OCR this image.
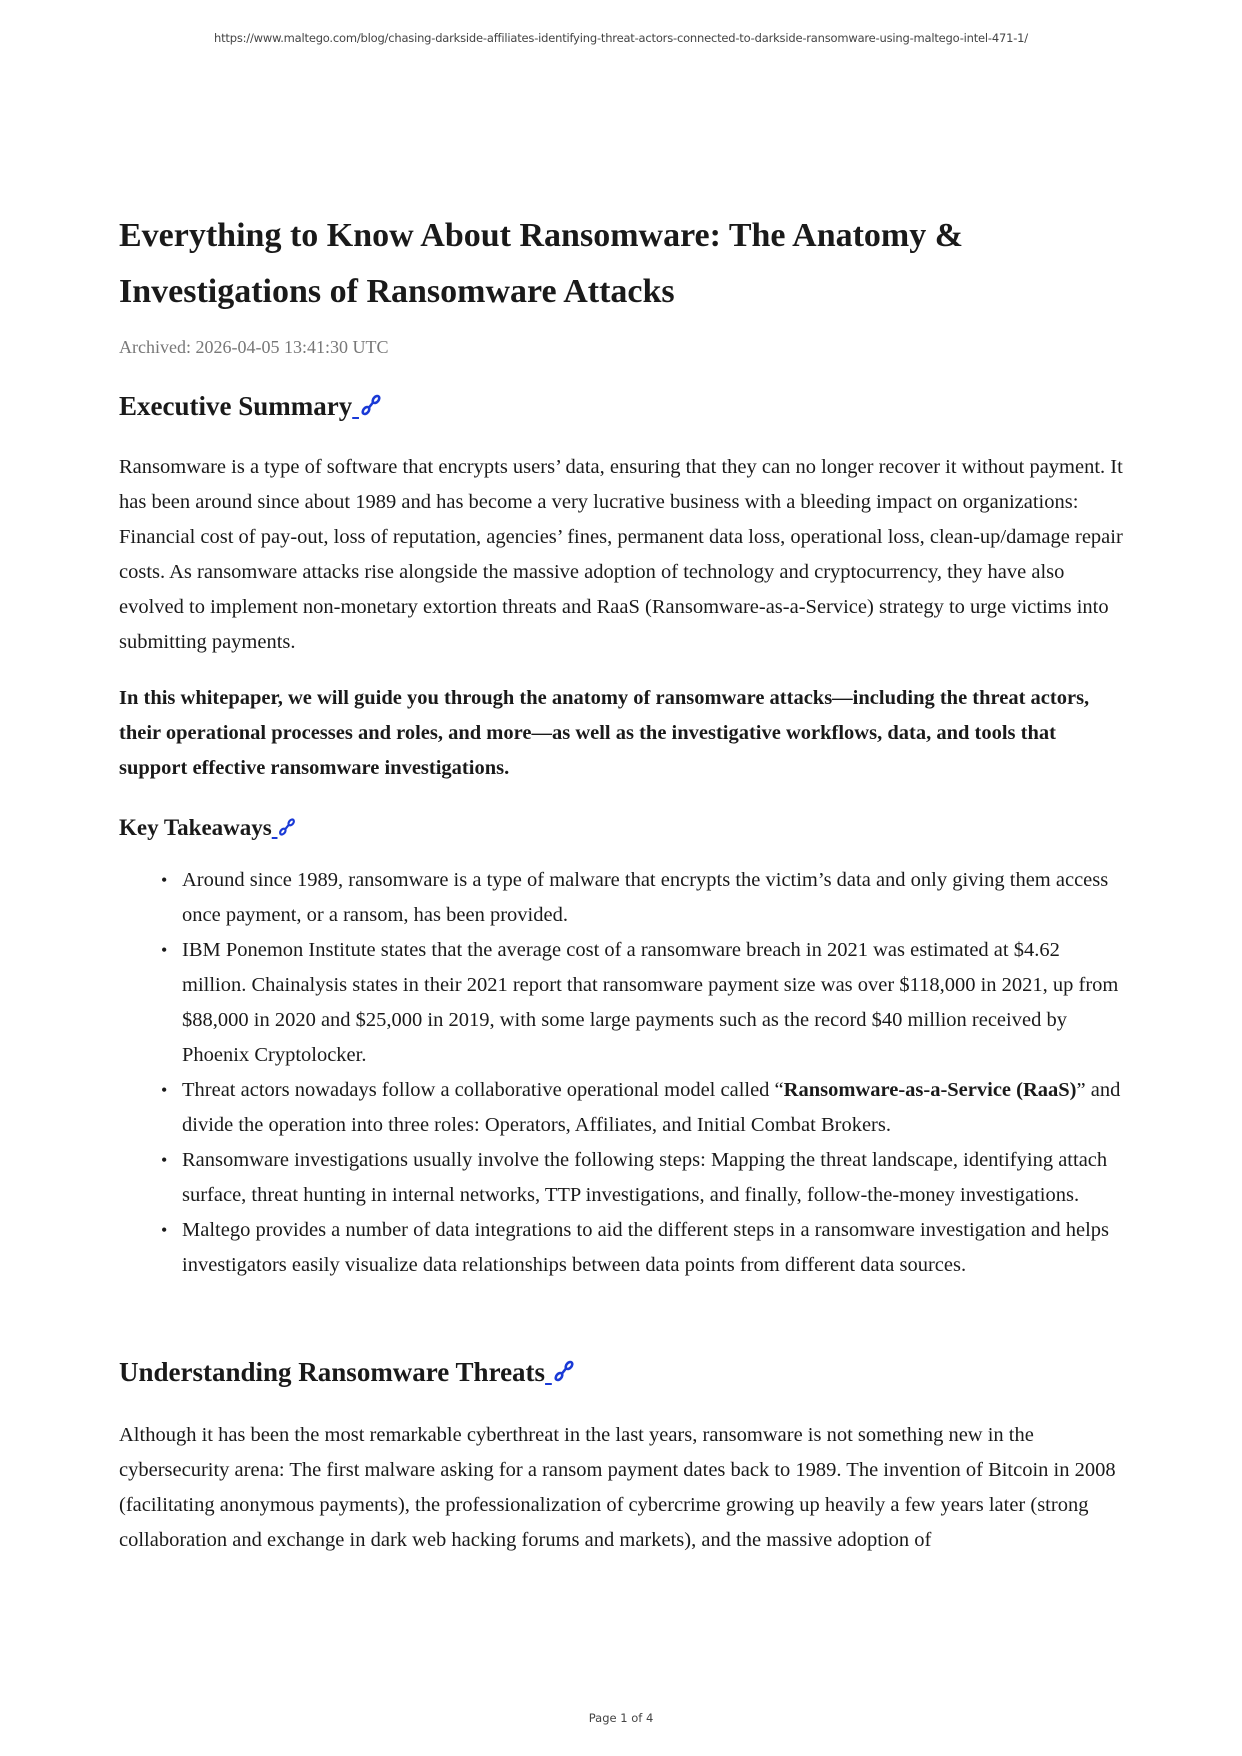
https://www.maltego.com/blog/chasing-darkside-affiliates-identifying-threat-actors-connected-to-darkside-ransomware-using-maltego-intel-471-1/
Everything to Know About Ransomware: The Anatomy & Investigations of Ransomware Attacks
Archived: 2026-04-05 13:41:30 UTC
Executive Summary

Ransomware is a type of software that encrypts users’ data, ensuring that they can no longer recover it without payment. It has been around since about 1989 and has become a very lucrative business with a bleeding impact on organizations: Financial cost of pay-out, loss of reputation, agencies’ fines, permanent data loss, operational loss, clean-up/damage repair costs. As ransomware attacks rise alongside the massive adoption of technology and cryptocurrency, they have also evolved to implement non-monetary extortion threats and RaaS (Ransomware-as-a-Service) strategy to urge victims into submitting payments.

In this whitepaper, we will guide you through the anatomy of ransomware attacks—including the threat actors, their operational processes and roles, and more—as well as the investigative workflows, data, and tools that support effective ransomware investigations.

Key Takeaways
• Around since 1989, ransomware is a type of malware that encrypts the victim’s data and only giving them access once payment, or a ransom, has been provided.
• IBM Ponemon Institute states that the average cost of a ransomware breach in 2021 was estimated at $4.62 million. Chainalysis states in their 2021 report that ransomware payment size was over $118,000 in 2021, up from $88,000 in 2020 and $25,000 in 2019, with some large payments such as the record $40 million received by Phoenix Cryptolocker.
• Threat actors nowadays follow a collaborative operational model called “Ransomware-as-a-Service (RaaS)” and divide the operation into three roles: Operators, Affiliates, and Initial Combat Brokers.
• Ransomware investigations usually involve the following steps: Mapping the threat landscape, identifying attach surface, threat hunting in internal networks, TTP investigations, and finally, follow-the-money investigations.
• Maltego provides a number of data integrations to aid the different steps in a ransomware investigation and helps investigators easily visualize data relationships between data points from different data sources.
Understanding Ransomware Threats

Although it has been the most remarkable cyberthreat in the last years, ransomware is not something new in the cybersecurity arena: The first malware asking for a ransom payment dates back to 1989. The invention of Bitcoin in 2008 (facilitating anonymous payments), the professionalization of cybercrime growing up heavily a few years later (strong collaboration and exchange in dark web hacking forums and markets), and the massive adoption of

Page 1 of 4
